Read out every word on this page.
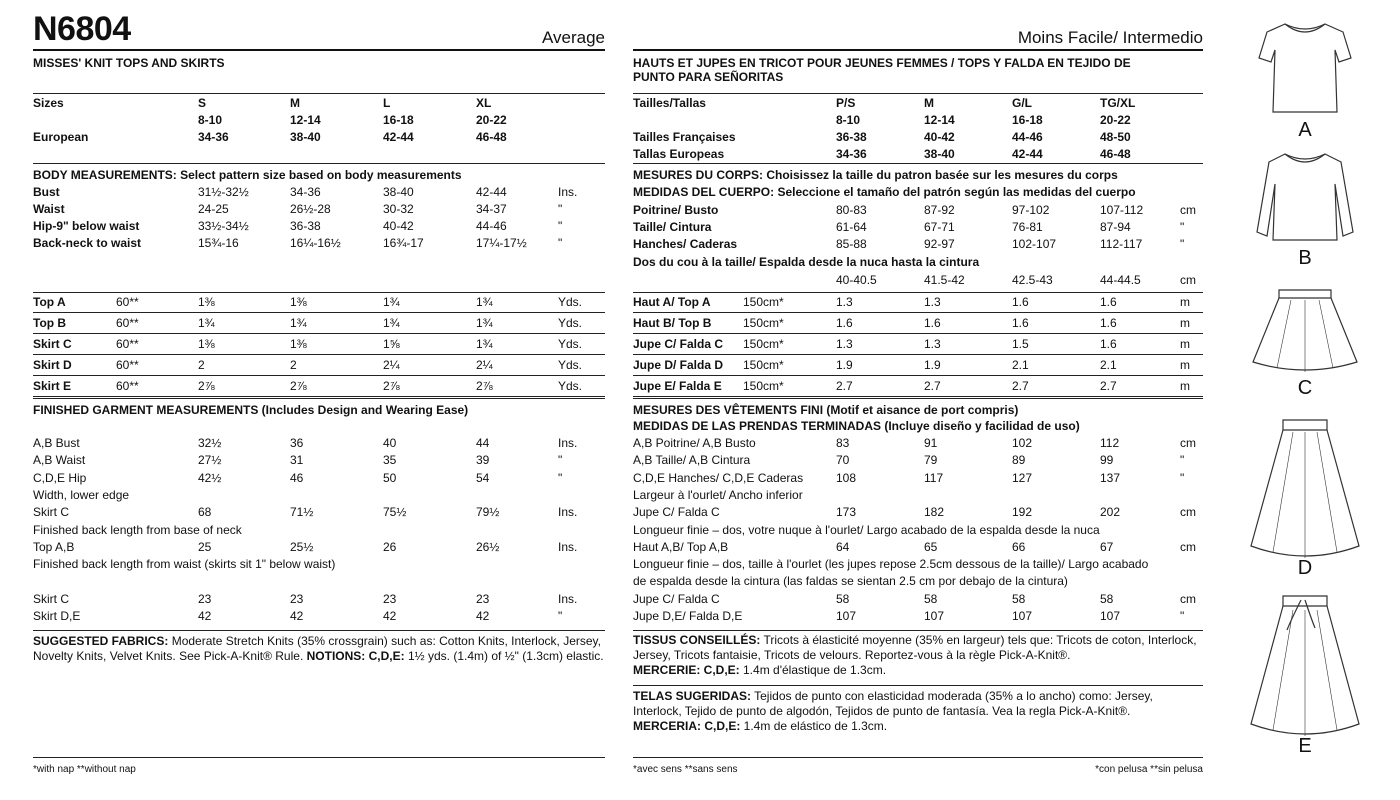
N6804	Average
MISSES' KNIT TOPS AND SKIRTS
BODY MEASUREMENTS: Select pattern size based on body measurements
FINISHED GARMENT MEASUREMENTS (Includes Design and Wearing Ease)
SUGGESTED FABRICS: Moderate Stretch Knits (35% crossgrain) such as: Cotton Knits, Interlock, Jersey, Novelty Knits, Velvet Knits. See Pick-A-Knit® Rule. NOTIONS: C,D,E: 1½ yds. (1.4m) of ½" (1.3cm) elastic.
*with nap **without nap
Sizes	S	M	L	XL
8-10	12-14	16-18	20-22
European	34-36	38-40	42-44	46-48
Bust	31½-32½	34-36	38-40	42-44	Ins.
Waist	24-25	26½-28	30-32	34-37	"
Hip-9" below waist	33½-34½	36-38	40-42	44-46	"
Back-neck to waist	15¾-16	16¼-16½	16¾-17	17¼-17½	"
Top A	60**	1⅜	1⅜	1¾	1¾	Yds.
Top B	60**	1¾	1¾	1¾	1¾	Yds.
Skirt C	60**	1⅜	1⅜	1⅝	1¾	Yds.
Skirt D	60**	2	2	2¼	2¼	Yds.
Skirt E	60**	2⅞	2⅞	2⅞	2⅞	Yds.
A,B Bust	32½	36	40	44	Ins.
A,B Waist	27½	31	35	39	"
C,D,E Hip	42½	46	50	54	"
Width, lower edge
Skirt C	68	71½	75½	79½	Ins.
Finished back length from base of neck
Top A,B	25	25½	26	26½	Ins.
Finished back length from waist (skirts sit 1" below waist)
Skirt C	23	23	23	23	Ins.
Skirt D,E	42	42	42	42	"
Moins Facile/ Intermedio
HAUTS ET JUPES EN TRICOT POUR JEUNES FEMMES / TOPS Y FALDA EN TEJIDO DE PUNTO PARA SEÑORITAS
MESURES DU CORPS: Choisissez la taille du patron basée sur les mesures du corps
MEDIDAS DEL CUERPO: Seleccione el tamaño del patrón según las medidas del cuerpo
Dos du cou à la taille/ Espalda desde la nuca hasta la cintura
MESURES DES VÊTEMENTS FINI (Motif et aisance de port compris)
MEDIDAS DE LAS PRENDAS TERMINADAS (Incluye diseño y facilidad de uso)
TISSUS CONSEILLÉS: Tricots à élasticité moyenne (35% en largeur) tels que: Tricots de coton, Interlock, Jersey, Tricots fantaisie, Tricots de velours. Reportez-vous à la règle Pick-A-Knit®.
MERCERIE: C,D,E: 1.4m d'élastique de 1.3cm.
TELAS SUGERIDAS: Tejidos de punto con elasticidad moderada (35% a lo ancho) como: Jersey, Interlock, Tejido de punto de algodón, Tejidos de punto de fantasía. Vea la regla Pick-A-Knit®.
MERCERIA: C,D,E: 1.4m de elástico de 1.3cm.
*avec sens **sans sens	*con pelusa **sin pelusa
Tailles/Tallas	P/S	M	G/L	TG/XL
8-10	12-14	16-18	20-22
Tailles Françaises	36-38	40-42	44-46	48-50
Tallas Europeas	34-36	38-40	42-44	46-48
Poitrine/ Busto	80-83	87-92	97-102	107-112	cm
Taille/ Cintura	61-64	67-71	76-81	87-94	"
Hanches/ Caderas	85-88	92-97	102-107	112-117	"
40-40.5	41.5-42	42.5-43	44-44.5	cm
Haut A/ Top A	150cm*	1.3	1.3	1.6	1.6	m
Haut B/ Top B	150cm*	1.6	1.6	1.6	1.6	m
Jupe C/ Falda C 150cm*	1.3	1.3	1.5	1.6	m
Jupe D/ Falda D 150cm*	1.9	1.9	2.1	2.1	m
Jupe E/ Falda E 150cm*	2.7	2.7	2.7	2.7	m
A,B Poitrine/ A,B Busto	83	91	102	112	cm
A,B Taille/ A,B Cintura	70	79	89	99	"
C,D,E Hanches/ C,D,E Caderas	108	117	127	137	"
Largeur à l'ourlet/ Ancho inferior
Jupe C/ Falda C	173	182	192	202	cm
Longueur finie – dos, votre nuque à l'ourlet/ Largo acabado de la espalda desde la nuca
Haut A,B/ Top A,B	64	65	66	67	cm
Longueur finie – dos, taille à l'ourlet (les jupes repose 2.5cm dessous de la taille)/ Largo acabado
de espalda desde la cintura (las faldas se sientan 2.5 cm por debajo de la cintura)
Jupe C/ Falda C	58	58	58	58	cm
Jupe D,E/ Falda D,E	107	107	107	107	"
A
B
C
D
E
